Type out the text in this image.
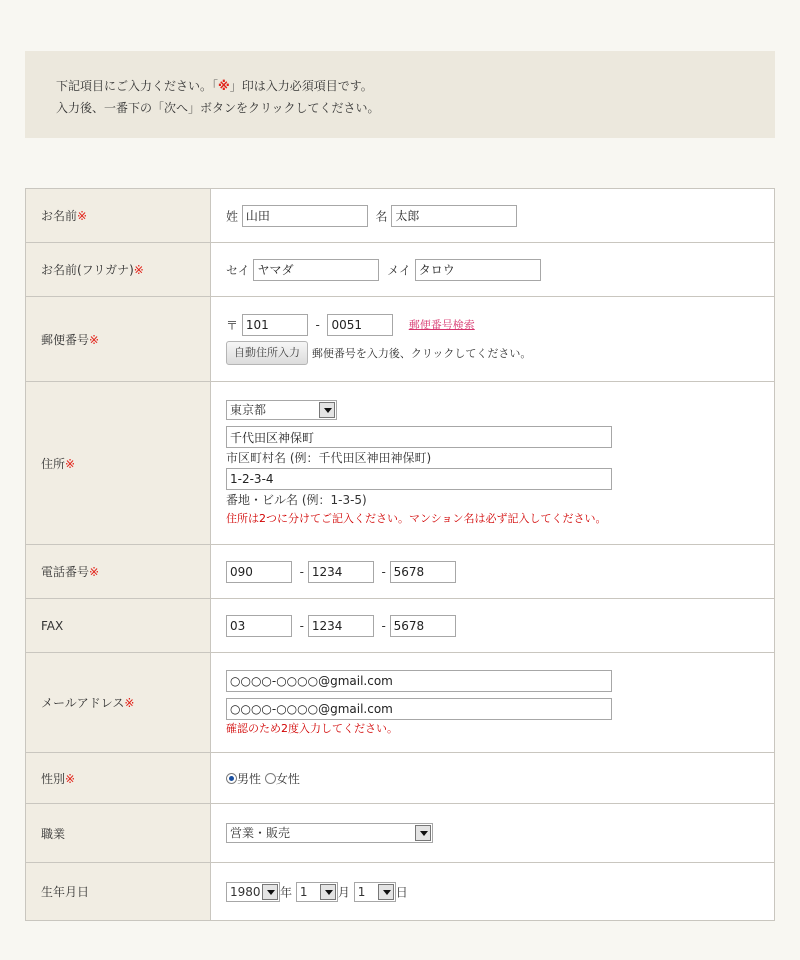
下記項目にご入力ください。「※」印は入力必須項目です。
入力後、一番下の「次へ」ボタンをクリックしてください。
お名前※	姓 山田 名 太郎
お名前(フリガナ)※	セイ ヤマダ メイ タロウ
郵便番号※	〒 101 -  0051 郵便番号検索
自動住所入力 郵便番号を入力後、クリックしてください。

住所※	東京都
千代田区神保町
市区町村名 (例：千代田区神田神保町)
1-2-3-4
番地・ビル名 (例：1-3-5)
住所は2つに分けてご記入ください。マンション名は必ず記入してください。

電話番号※	090- 1234 - 5678
FAX	03- 1234 - 5678
メールアドレス※	
○○○○-○○○○@gmail.com
○○○○-○○○○@gmail.com
確認のため2度入力してください。

性別※	男性 女性
職業	営業・販売

生年月日	1980 年 1 月 1 日
